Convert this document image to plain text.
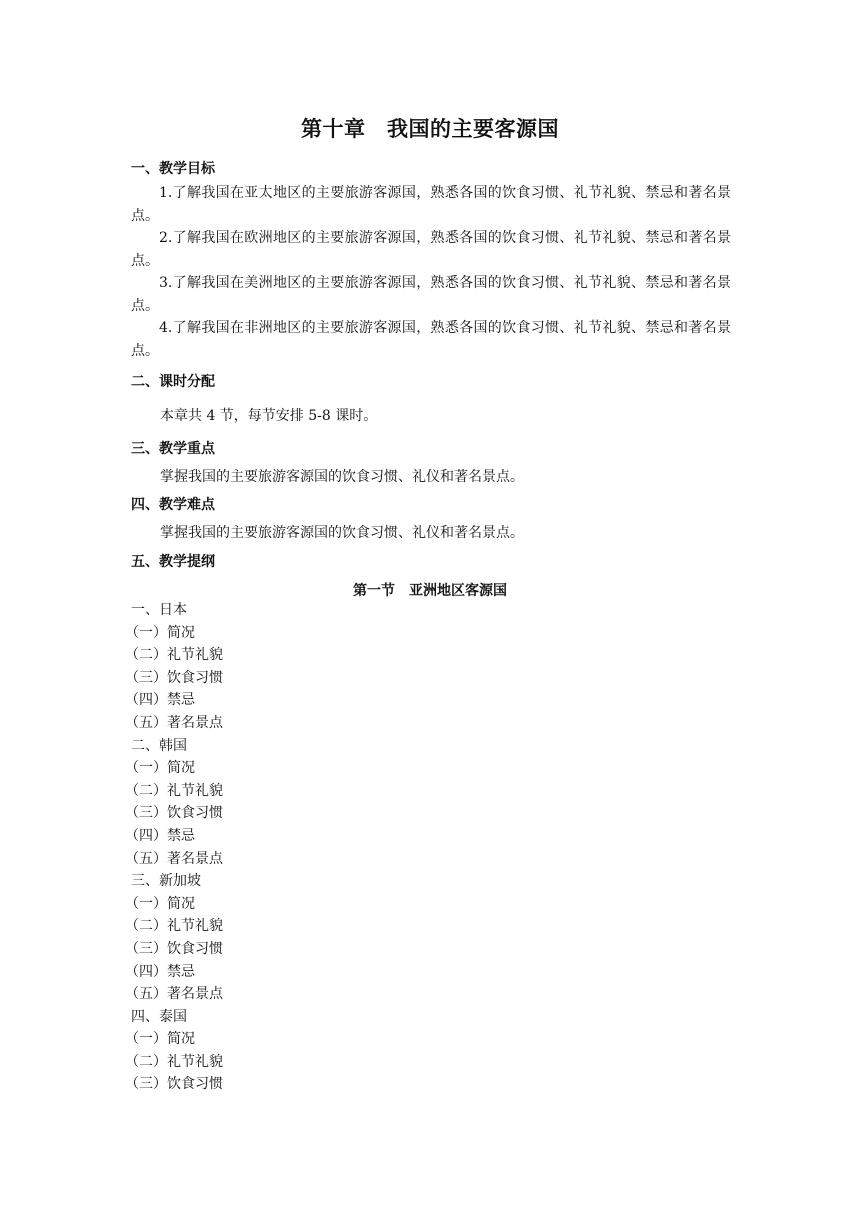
第十章　我国的主要客源国
一、教学目标
1.了解我国在亚太地区的主要旅游客源国，熟悉各国的饮食习惯、礼节礼貌、禁忌和著名景点。
2.了解我国在欧洲地区的主要旅游客源国，熟悉各国的饮食习惯、礼节礼貌、禁忌和著名景点。
3.了解我国在美洲地区的主要旅游客源国，熟悉各国的饮食习惯、礼节礼貌、禁忌和著名景点。
4.了解我国在非洲地区的主要旅游客源国，熟悉各国的饮食习惯、礼节礼貌、禁忌和著名景点。
二、课时分配
本章共 4 节，每节安排 5-8 课时。
三、教学重点
掌握我国的主要旅游客源国的饮食习惯、礼仪和著名景点。
四、教学难点
掌握我国的主要旅游客源国的饮食习惯、礼仪和著名景点。
五、教学提纲
第一节　亚洲地区客源国
一、日本
（一）简况
（二）礼节礼貌
（三）饮食习惯
（四）禁忌
（五）著名景点
二、韩国
（一）简况
（二）礼节礼貌
（三）饮食习惯
（四）禁忌
（五）著名景点
三、新加坡
（一）简况
（二）礼节礼貌
（三）饮食习惯
（四）禁忌
（五）著名景点
四、泰国
（一）简况
（二）礼节礼貌
（三）饮食习惯
